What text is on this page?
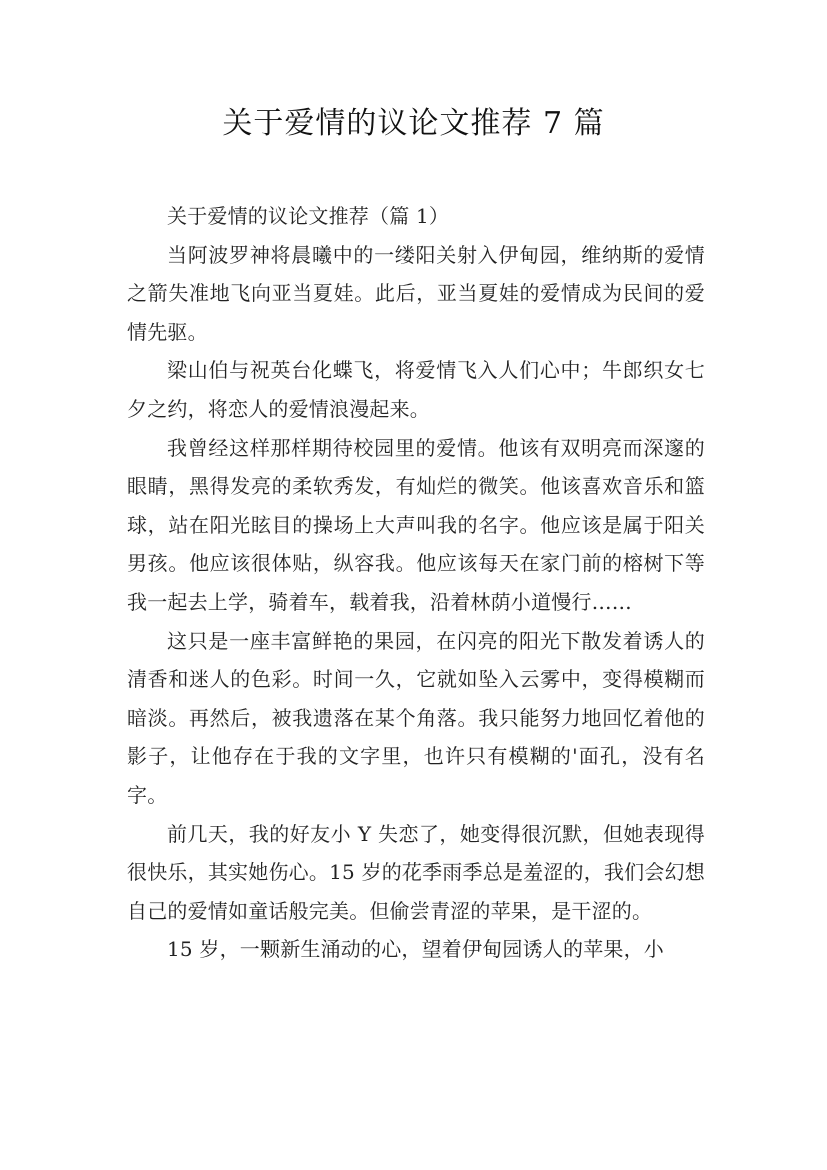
关于爱情的议论文推荐 7 篇

关于爱情的议论文推荐（篇 1）

当阿波罗神将晨曦中的一缕阳关射入伊甸园，维纳斯的爱情之箭失准地飞向亚当夏娃。此后，亚当夏娃的爱情成为民间的爱情先驱。

梁山伯与祝英台化蝶飞，将爱情飞入人们心中；牛郎织女七夕之约，将恋人的爱情浪漫起来。

我曾经这样那样期待校园里的爱情。他该有双明亮而深邃的眼睛，黑得发亮的柔软秀发，有灿烂的微笑。他该喜欢音乐和篮球，站在阳光眩目的操场上大声叫我的名字。他应该是属于阳关男孩。他应该很体贴，纵容我。他应该每天在家门前的榕树下等我一起去上学，骑着车，载着我，沿着林荫小道慢行……

这只是一座丰富鲜艳的果园，在闪亮的阳光下散发着诱人的清香和迷人的色彩。时间一久，它就如坠入云雾中，变得模糊而暗淡。再然后，被我遗落在某个角落。我只能努力地回忆着他的影子，让他存在于我的文字里，也许只有模糊的'面孔，没有名字。

前几天，我的好友小 Y 失恋了，她变得很沉默，但她表现得很快乐，其实她伤心。15 岁的花季雨季总是羞涩的，我们会幻想自己的爱情如童话般完美。但偷尝青涩的苹果，是干涩的。

15 岁，一颗新生涌动的心，望着伊甸园诱人的苹果，小
